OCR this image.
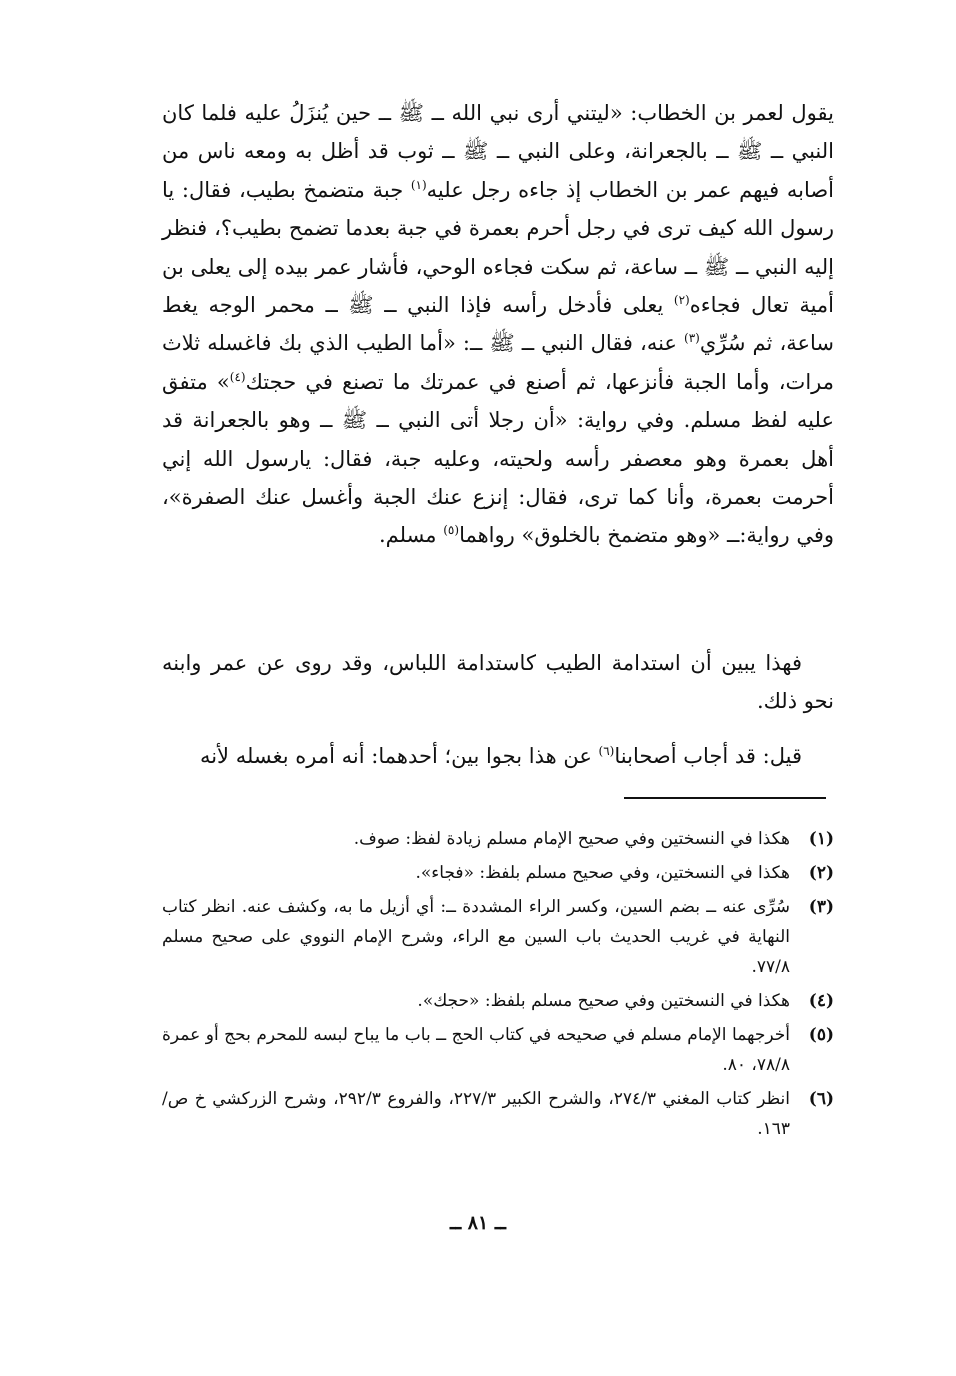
يقول لعمر بن الخطاب: «ليتني أرى نبي الله ــ ﷺ ــ حين يُنزَلُ عليه فلما كان النبي ــ ﷺ ــ بالجعرانة، وعلى النبي ــ ﷺ ــ ثوب قد أظل به ومعه ناس من أصابه فيهم عمر بن الخطاب إذ جاءه رجل عليه$^{(١)}$ جبة متضمخ بطيب، فقال: يا رسول الله كيف ترى في رجل أحرم بعمرة في جبة بعدما تضمح بطيب؟، فنظر إليه النبي ــ ﷺ ــ ساعة، ثم سكت فجاءه الوحي، فأشار عمر بيده إلى يعلى بن أمية تعال فجاءه$^{(٢)}$ يعلى فأدخل رأسه فإذا النبي ــ ﷺ ــ محمر الوجه يغط ساعة، ثم سُرِّي$^{(٣)}$ عنه، فقال النبي ــ ﷺ ــ: «أما الطيب الذي بك فاغسله ثلاث مرات، وأما الجبة فأنزعها، ثم أصنع في عمرتك ما تصنع في حجتك$^{(٤)}$» متفق عليه لفظ مسلم. وفي رواية: «أن رجلا أتى النبي ــ ﷺ ــ وهو بالجعرانة قد أهل بعمرة وهو معصفر رأسه ولحيته، وعليه جبة، فقال: يارسول الله إني أحرمت بعمرة، وأنا كما ترى، فقال: إنزع عنك الجبة وأغسل عنك الصفرة»، وفي رواية:ــ «وهو متضمخ بالخلوق» رواهما$^{(٥)}$ مسلم.
فهذا يبين أن استدامة الطيب كاستدامة اللباس، وقد روى عن عمر وابنه نحو ذلك.
قيل: قد أجاب أصحابنا$^{(٦)}$ عن هذا بجوا بين؛ أحدهما: أنه أمره بغسله لأنه
(١)
هكذا في النسختين وفي صحيح الإمام مسلم زيادة لفظ: صوف.
(٢)
هكذا في النسختين، وفي صحيح مسلم بلفظ: «فجاء».
(٣)
سُرِّى عنه ــ بضم السين، وكسر الراء المشددة ــ: أي أزيل ما به، وكشف عنه. انظر كتاب النهاية في غريب الحديث باب السين مع الراء، وشرح الإمام النووي على صحيح مسلم ٧٧/٨.
(٤)
هكذا في النسختين وفي صحيح مسلم بلفظ: «حجك».
(٥)
أخرجهما الإمام مسلم في صحيحه في كتاب الحج ــ باب ما يباح لبسه للمحرم بحج أو عمرة ٧٨/٨، ٨٠.
(٦)
انظر كتاب المغني ٢٧٤/٣، والشرح الكبير ٢٢٧/٣، والفروع ٢٩٢/٣، وشرح الزركشي خ ص/١٦٣.
ــ ٨١ ــ
